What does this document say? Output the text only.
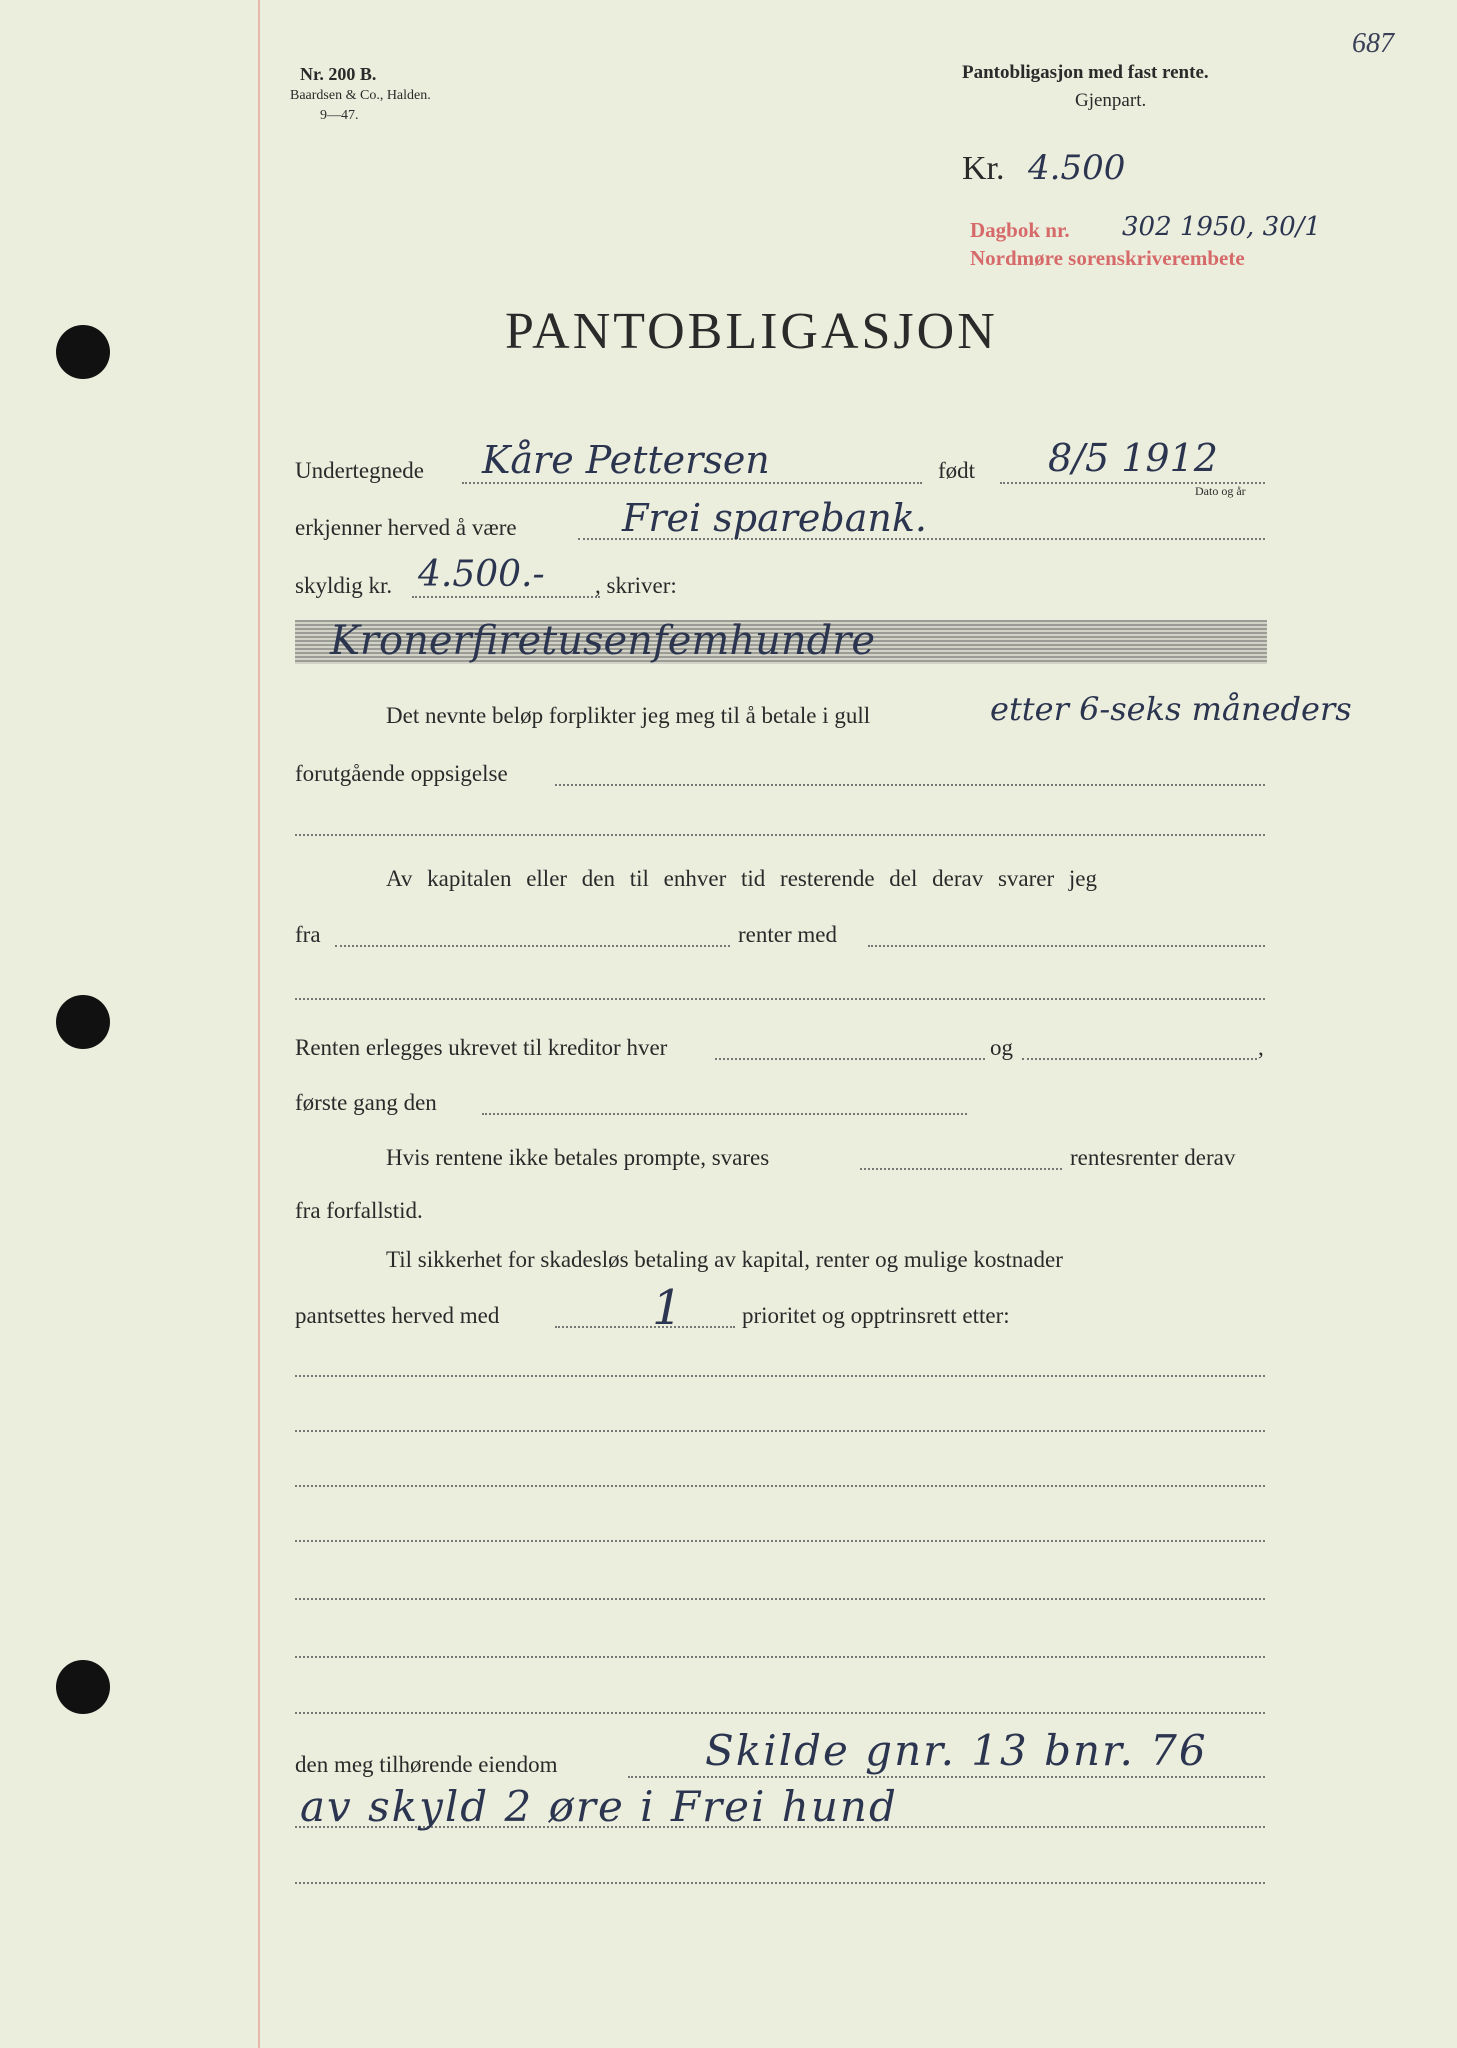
Nr. 200 B.
Baardsen & Co., Halden.
9—47.
Pantobligasjon med fast rente.
Gjenpart.
687
Kr. 4.500
Dagbok nr. 302 1950, 30/1
Nordmøre sorenskriverembete
PANTOBLIGASJON
Undertegnede Kåre Pettersen	født 8/5 1912
Dato og år
erkjenner herved å være	Frei sparebank.
skyldig kr. 4.500.- , skriver:
Kronerfiretusenfemhundre
Det nevnte beløp forplikter jeg meg til å betale i gull	etter 6-seks måneders
forutgående oppsigelse
Av kapitalen eller den til enhver tid resterende del derav svarer jeg
fra	renter med
Renten erlegges ukrevet til kreditor hver	og	,
første gang den
Hvis rentene ikke betales prompte, svares	rentesrenter derav
fra forfallstid.
Til sikkerhet for skadesløs betaling av kapital, renter og mulige kostnader
pantsettes herved med	1	prioritet og opptrinsrett etter:
den meg tilhørende eiendom	Skilde gnr. 13 bnr. 76
av skyld 2 øre i Frei hund
